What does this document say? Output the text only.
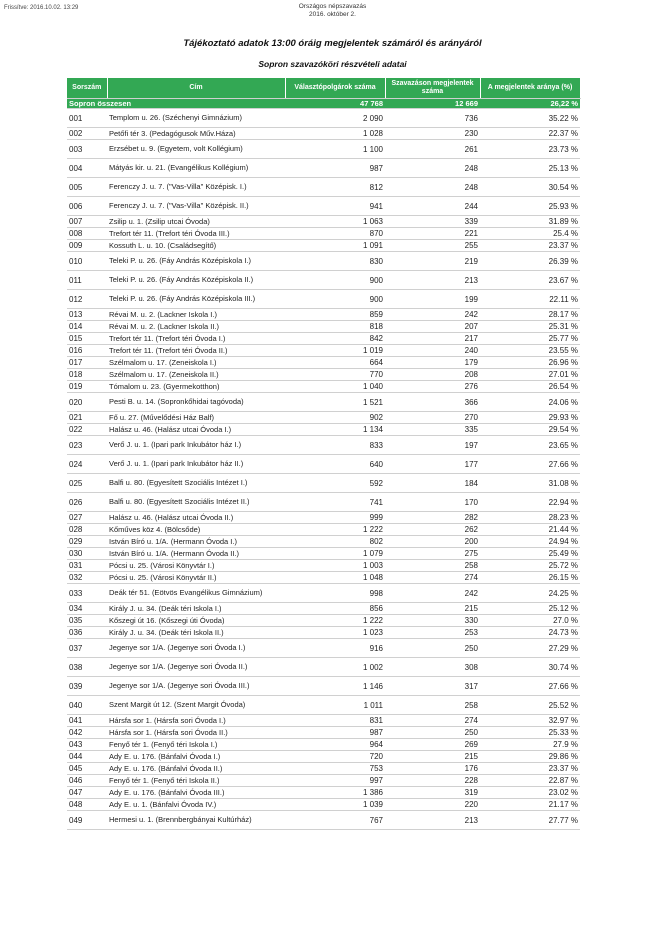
Frissítve: 2016.10.02. 13:29	Országos népszavazás
2016. október 2.
Tájékoztató adatok 13:00 óráig megjelentek számáról és arányáról
Sopron szavazóköri részvételi adatai
Sorszám	Cím	Választópolgárok száma	Szavazáson megjelentek száma	A megjelentek aránya (%)
Sopron összesen		47 768	12 669	26,22 %
001	Templom u. 26. (Széchenyi Gimnázium)	2 090	736	35.22 %
002	Petőfi tér 3. (Pedagógusok Műv.Háza)	1 028	230	22.37 %
003	Erzsébet u. 9. (Egyetem, volt Kollégium)	1 100	261	23.73 %
004	Mátyás kir. u. 21. (Evangélikus Kollégium)	987	248	25.13 %
005	Ferenczy J. u. 7. ("Vas-Villa" Középisk. I.)	812	248	30.54 %
006	Ferenczy J. u. 7. ("Vas-Villa" Középisk. II.)	941	244	25.93 %
007	Zsilip u. 1. (Zsilip utcai Óvoda)	1 063	339	31.89 %
008	Trefort tér 11. (Trefort téri Óvoda III.)	870	221	25.4 %
009	Kossuth L. u. 10. (Családsegítő)	1 091	255	23.37 %
010	Teleki P. u. 26. (Fáy András Középiskola I.)	830	219	26.39 %
011	Teleki P. u. 26. (Fáy András Középiskola II.)	900	213	23.67 %
012	Teleki P. u. 26. (Fáy András Középiskola III.)	900	199	22.11 %
013	Révai M. u. 2. (Lackner Iskola I.)	859	242	28.17 %
014	Révai M. u. 2. (Lackner Iskola II.)	818	207	25.31 %
015	Trefort tér 11. (Trefort téri Óvoda I.)	842	217	25.77 %
016	Trefort tér 11. (Trefort téri Óvoda II.)	1 019	240	23.55 %
017	Szélmalom u. 17. (Zeneiskola I.)	664	179	26.96 %
018	Szélmalom u. 17. (Zeneiskola II.)	770	208	27.01 %
019	Tómalom u. 23. (Gyermekotthon)	1 040	276	26.54 %
020	Pesti B. u. 14. (Sopronkőhidai tagóvoda)	1 521	366	24.06 %
021	Fő u. 27. (Művelődési Ház Balf)	902	270	29.93 %
022	Halász u. 46. (Halász utcai Óvoda I.)	1 134	335	29.54 %
023	Verő J. u. 1. (Ipari park Inkubátor ház I.)	833	197	23.65 %
024	Verő J. u. 1. (Ipari park Inkubátor ház II.)	640	177	27.66 %
025	Balfi u. 80. (Egyesített Szociális Intézet I.)	592	184	31.08 %
026	Balfi u. 80. (Egyesített Szociális Intézet II.)	741	170	22.94 %
027	Halász u. 46. (Halász utcai Óvoda II.)	999	282	28.23 %
028	Kőműves köz 4. (Bölcsőde)	1 222	262	21.44 %
029	István Bíró u. 1/A. (Hermann Óvoda I.)	802	200	24.94 %
030	István Bíró u. 1/A. (Hermann Óvoda II.)	1 079	275	25.49 %
031	Pócsi u. 25. (Városi Könyvtár I.)	1 003	258	25.72 %
032	Pócsi u. 25. (Városi Könyvtár II.)	1 048	274	26.15 %
033	Deák tér 51. (Eötvös Evangélikus Gimnázium)	998	242	24.25 %
034	Király J. u. 34. (Deák téri Iskola I.)	856	215	25.12 %
035	Kőszegi út 16. (Kőszegi úti Óvoda)	1 222	330	27.0 %
036	Király J. u. 34. (Deák téri Iskola II.)	1 023	253	24.73 %
037	Jegenye sor 1/A. (Jegenye sori Óvoda I.)	916	250	27.29 %
038	Jegenye sor 1/A. (Jegenye sori Óvoda II.)	1 002	308	30.74 %
039	Jegenye sor 1/A. (Jegenye sori Óvoda III.)	1 146	317	27.66 %
040	Szent Margit út 12. (Szent Margit Óvoda)	1 011	258	25.52 %
041	Hársfa sor 1. (Hársfa sori Óvoda I.)	831	274	32.97 %
042	Hársfa sor 1. (Hársfa sori Óvoda II.)	987	250	25.33 %
043	Fenyő tér 1. (Fenyő téri Iskola I.)	964	269	27.9 %
044	Ady E. u. 176. (Bánfalvi Óvoda I.)	720	215	29.86 %
045	Ady E. u. 176. (Bánfalvi Óvoda II.)	753	176	23.37 %
046	Fenyő tér 1. (Fenyő téri Iskola II.)	997	228	22.87 %
047	Ady E. u. 176. (Bánfalvi Óvoda III.)	1 386	319	23.02 %
048	Ady E. u. 1. (Bánfalvi Óvoda IV.)	1 039	220	21.17 %
049	Hermesi u. 1. (Brennbergbányai Kultúrház)	767	213	27.77 %
